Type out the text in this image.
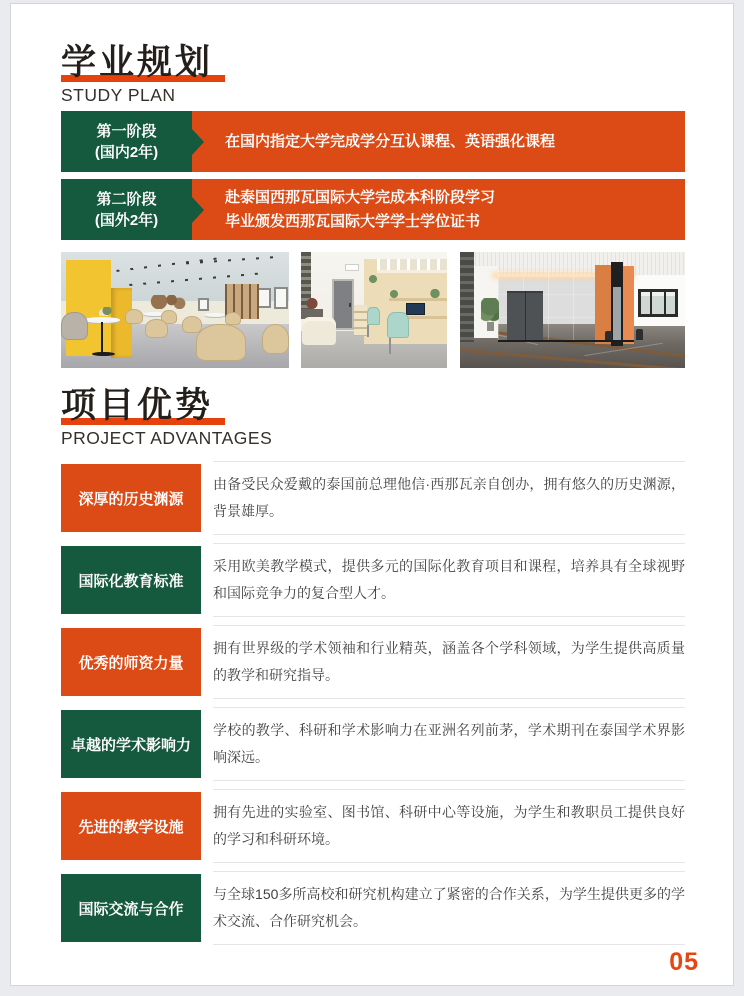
学业规划
STUDY PLAN
第一阶段
(国内2年)
在国内指定大学完成学分互认课程、英语强化课程
第二阶段
(国外2年)
赴泰国西那瓦国际大学完成本科阶段学习
毕业颁发西那瓦国际大学学士学位证书
项目优势
PROJECT ADVANTAGES
深厚的历史渊源

由备受民众爱戴的泰国前总理他信·西那瓦亲自创办，拥有悠久的历史渊源，背景雄厚。

国际化教育标准

采用欧美教学模式，提供多元的国际化教育项目和课程，培养具有全球视野和国际竞争力的复合型人才。

优秀的师资力量

拥有世界级的学术领袖和行业精英，涵盖各个学科领域，为学生提供高质量的教学和研究指导。

卓越的学术影响力

学校的教学、科研和学术影响力在亚洲名列前茅，学术期刊在泰国学术界影响深远。

先进的教学设施

拥有先进的实验室、图书馆、科研中心等设施，为学生和教职员工提供良好的学习和科研环境。

国际交流与合作

与全球150多所高校和研究机构建立了紧密的合作关系，为学生提供更多的学术交流、合作研究机会。

05
